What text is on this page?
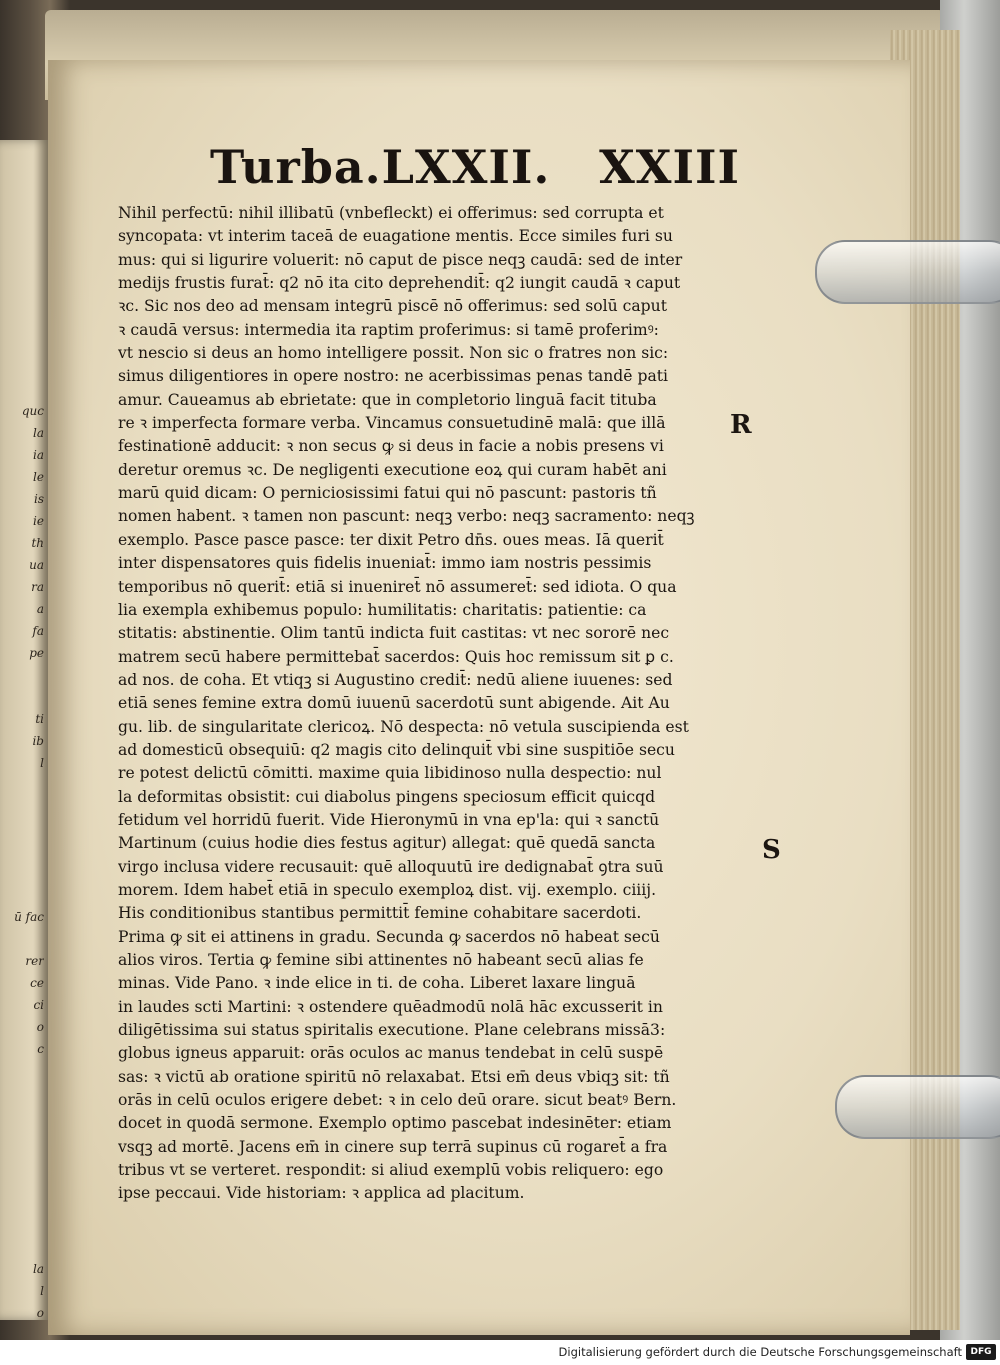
quc
la
ia
le
is
ie
th
ua
ra
a
fa
pe
ti
ib
l
ū fac
rer
ce
ci
o
c
la
l
o
Turba.LXXII. XXIII
Nihil perfectū: nihil illibatū (vnbefleckt) ei offerimus: sed corrupta et
syncopata: vt interim taceā de euagatione mentis. Ecce similes furi su
mus: qui si ligurire voluerit: nō caput de pisce neqꝫ caudā: sed de inter
medijs frustis furat̄: q2 nō ita cito deprehendit̄: q2 iungit caudā ꝛ caput
ꝛc. Sic nos deo ad mensam integrū piscē nō offerimus: sed solū caput
ꝛ caudā versus: intermedia ita raptim proferimus: si tamē proferimꝰ:
vt nescio si deus an homo intelligere possit. Non sic o fratres non sic:
simus diligentiores in opere nostro: ne acerbissimas penas tandē pati
amur. Caueamus ab ebrietate: que in completorio linguā facit tituba
re ꝛ imperfecta formare verba. Vincamus consuetudinē malā: que illā
festinationē adducit: ꝛ non secus ꝙ si deus in facie a nobis presens vi
deretur oremus ꝛc. De negligenti executione eoꝝ qui curam habēt ani
marū quid dicam: O perniciosissimi fatui qui nō pascunt: pastoris tñ
nomen habent. ꝛ tamen non pascunt: neqꝫ verbo: neqꝫ sacramento: neqꝫ
exemplo. Pasce pasce pasce: ter dixit Petro dn̄s. oues meas. Iā querit̄
inter dispensatores quis fidelis inueniat̄: immo iam nostris pessimis
temporibus nō querit̄: etiā si inueniret̄ nō assumeret̄: sed idiota. O qua
lia exempla exhibemus populo: humilitatis: charitatis: patientie: ca
stitatis: abstinentie. Olim tantū indicta fuit castitas: vt nec sororē nec
matrem secū habere permittebat̄ sacerdos: Quis hoc remissum sit ꝑ c.
ad nos. de coha. Et vtiqꝫ si Augustino credit̄: nedū aliene iuuenes: sed
etiā senes femine extra domū iuuenū sacerdotū sunt abigende. Ait Au
gu. lib. de singularitate clericoꝝ. Nō despecta: nō vetula suscipienda est
ad domesticū obsequiū: q2 magis cito delinquit̄ vbi sine suspitiōe secu
re potest delictū cōmitti. maxime quia libidinoso nulla despectio: nul
la deformitas obsistit: cui diabolus pingens speciosum efficit quicqd
fetidum vel horridū fuerit. Vide Hieronymū in vna ep'la: qui ꝛ sanctū
Martinum (cuius hodie dies festus agitur) allegat: quē quedā sancta
virgo inclusa videre recusauit: quē alloquutū ire dedignabat̄ ꝯtra suū
morem. Idem habet̄ etiā in speculo exemploꝝ dist. vij. exemplo. ciiij.
His conditionibus stantibus permittit̄ femine cohabitare sacerdoti.
Prima ꝙ sit ei attinens in gradu. Secunda ꝙ sacerdos nō habeat secū
alios viros. Tertia ꝙ femine sibi attinentes nō habeant secū alias fe
minas. Vide Pano. ꝛ inde elice in ti. de coha. Liberet laxare linguā
in laudes scti Martini: ꝛ ostendere quēadmodū nolā hāc excusserit in
diligētissima sui status spiritalis executione. Plane celebrans missā3:
globus igneus apparuit: orās oculos ac manus tendebat in celū suspē
sas: ꝛ victū ab oratione spiritū nō relaxabat. Etsi em̄ deus vbiqꝫ sit: tñ
orās in celū oculos erigere debet: ꝛ in celo deū orare. sicut beatꝰ Bern.
docet in quodā sermone. Exemplo optimo pascebat indesinēter: etiam
vsqꝫ ad mortē. Jacens em̄ in cinere sup terrā supinus cū rogaret̄ a fra
tribus vt se verteret. respondit: si aliud exemplū vobis reliquero: ego
ipse peccaui. Vide historiam: ꝛ applica ad placitum.
R
S
Digitalisierung gefördert durch die Deutsche Forschungsgemeinschaft DFG
